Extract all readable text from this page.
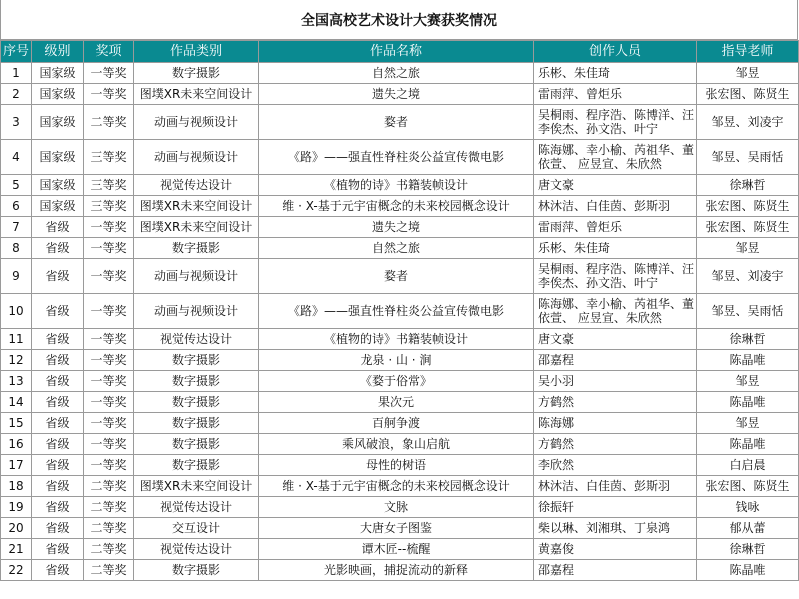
全国高校艺术设计大赛获奖情况
序号	级别	奖项	作品类别	作品名称	创作人员	指导老师
1	国家级	一等奖	数字摄影	自然之旅	乐彬、朱佳琦	邹昱
2	国家级	一等奖	图墣XR未来空间设计	遗失之境	雷雨萍、曾炬乐	张宏图、陈贤生
3	国家级	二等奖	动画与视频设计	婺者	吴桐雨、程序浩、陈博洋、汪李俟杰、孙文浩、叶宁	邹昱、刘凌宇
4	国家级	三等奖	动画与视频设计	《路》——强直性脊柱炎公益宣传微电影	陈海娜、幸小榆、芮祖华、董依萱、 应昱宣、朱欣然	邹昱、吴雨恬
5	国家级	三等奖	视觉传达设计	《植物的诗》书籍装帧设计	唐文豪	徐琳哲
6	国家级	三等奖	图墣XR未来空间设计	维 · X-基于元宇宙概念的未来校园概念设计	林沐洁、白佳茵、彭斯羽	张宏图、陈贤生
7	省级	一等奖	图墣XR未来空间设计	遗失之境	雷雨萍、曾炬乐	张宏图、陈贤生
8	省级	一等奖	数字摄影	自然之旅	乐彬、朱佳琦	邹昱
9	省级	一等奖	动画与视频设计	婺者	吴桐雨、程序浩、陈博洋、汪李俟杰、孙文浩、叶宁	邹昱、刘凌宇
10	省级	一等奖	动画与视频设计	《路》——强直性脊柱炎公益宣传微电影	陈海娜、幸小榆、芮祖华、董依萱、 应昱宣、朱欣然	邹昱、吴雨恬
11	省级	一等奖	视觉传达设计	《植物的诗》书籍装帧设计	唐文豪	徐琳哲
12	省级	一等奖	数字摄影	龙泉 · 山 · 涧	邵嘉程	陈晶唯
13	省级	一等奖	数字摄影	《婺于俗常》	吴小羽	邹昱
14	省级	一等奖	数字摄影	果次元	方鹤然	陈晶唯
15	省级	一等奖	数字摄影	百舸争渡	陈海娜	邹昱
16	省级	一等奖	数字摄影	乘风破浪，象山启航	方鹤然	陈晶唯
17	省级	一等奖	数字摄影	母性的树语	李欣然	白启晨
18	省级	二等奖	图墣XR未来空间设计	维 · X-基于元宇宙概念的未来校园概念设计	林沐洁、白佳茵、彭斯羽	张宏图、陈贤生
19	省级	二等奖	视觉传达设计	文脉	徐振轩	钱咏
20	省级	二等奖	交互设计	大唐女子图鉴	柴以琳、刘湘琪、丁泉鸿	郁从蕾
21	省级	二等奖	视觉传达设计	谭木匠--梳醒	黄嘉俊	徐琳哲
22	省级	二等奖	数字摄影	光影映画，捕捉流动的新释	邵嘉程	陈晶唯
